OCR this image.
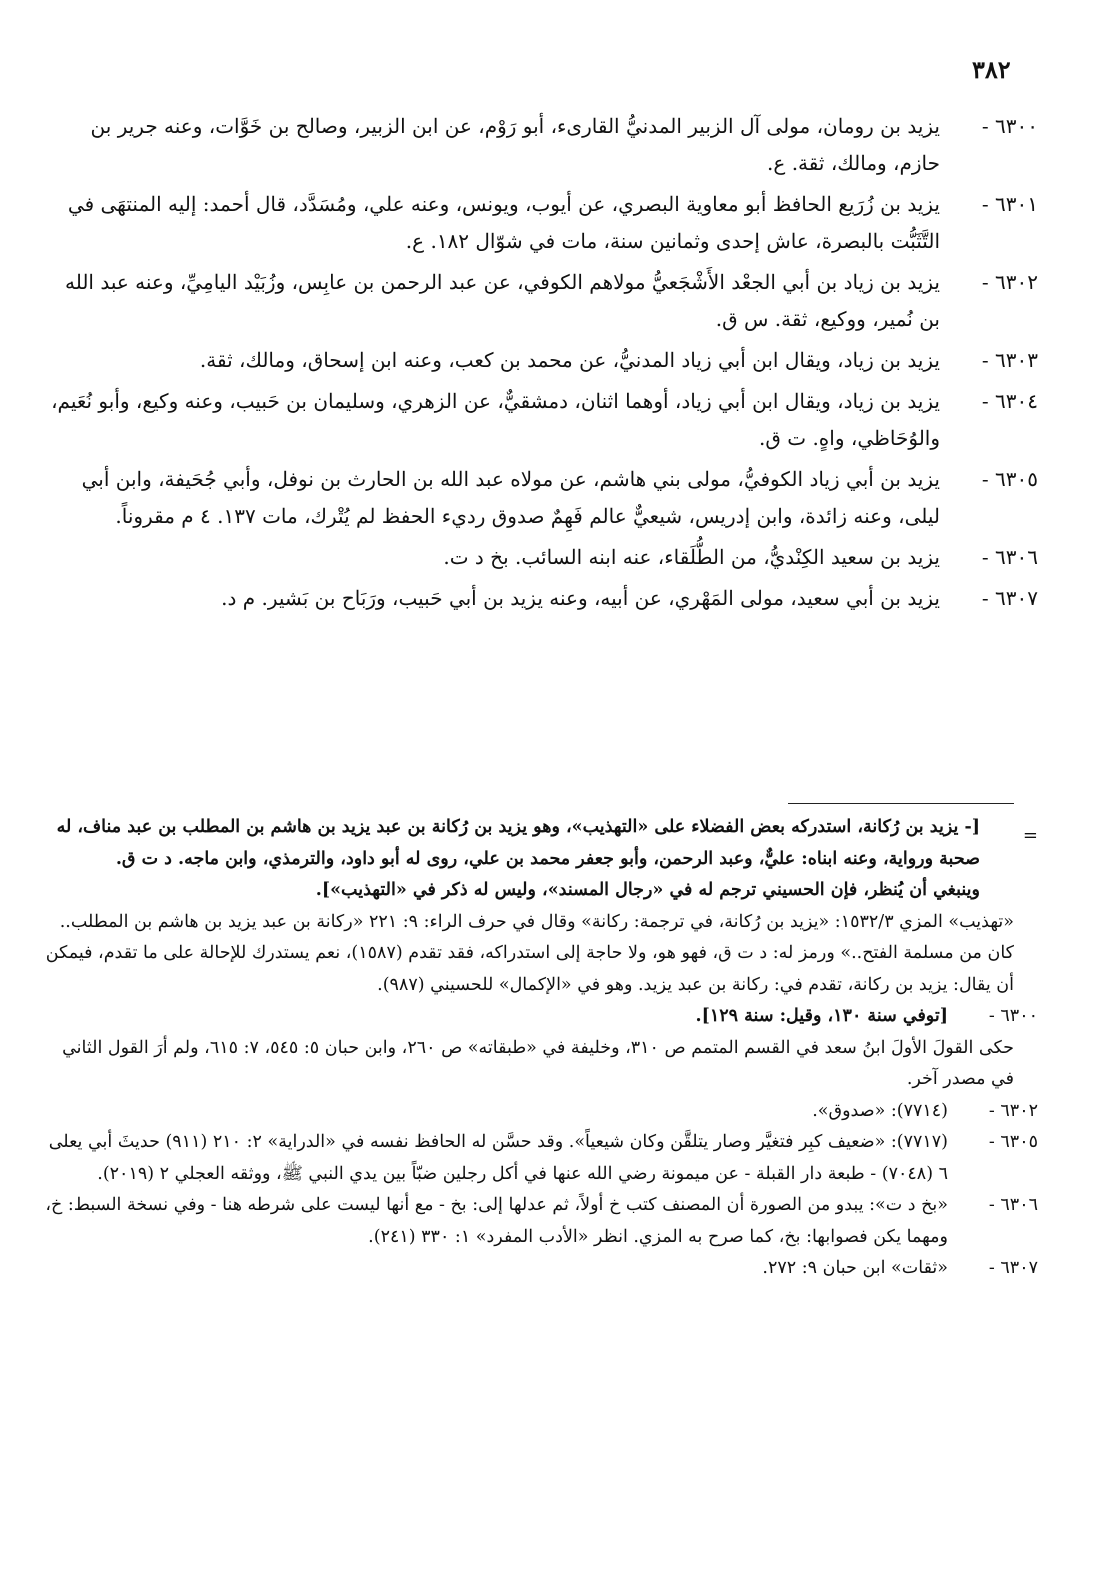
٣٨٢
٦٣٠٠ -
يزيد بن رومان، مولى آل الزبير المدنيُّ القارىء، أبو رَوْم، عن ابن الزبير، وصالح بن خَوَّات، وعنه جرير بن حازم، ومالك، ثقة. ع.
٦٣٠١ -
يزيد بن زُرَيع الحافظ أبو معاوية البصري، عن أيوب، ويونس، وعنه علي، ومُسَدَّد، قال أحمد: إليه المنتهَى في التَّثَبُّت بالبصرة، عاش إحدى وثمانين سنة، مات في شوّال ١٨٢. ع.
٦٣٠٢ -
يزيد بن زياد بن أبي الجعْد الأَشْجَعيُّ مولاهم الكوفي، عن عبد الرحمن بن عابِس، وزُبَيْد اليامِيِّ، وعنه عبد الله بن نُمير، ووكيع، ثقة. س ق.
٦٣٠٣ -
يزيد بن زياد، ويقال ابن أبي زياد المدنيُّ، عن محمد بن كعب، وعنه ابن إسحاق، ومالك، ثقة.
٦٣٠٤ -
يزيد بن زياد، ويقال ابن أبي زياد، أوهما اثنان، دمشقيٌّ، عن الزهري، وسليمان بن حَبيب، وعنه وكيع، وأبو نُعَيم، والوُحَاظي، واهٍ. ت ق.
٦٣٠٥ -
يزيد بن أبي زياد الكوفيُّ، مولى بني هاشم، عن مولاه عبد الله بن الحارث بن نوفل، وأبي جُحَيفة، وابن أبي ليلى، وعنه زائدة، وابن إدريس، شيعيٌّ عالم فَهِمٌ صدوق رديء الحفظ لم يُتْرك، مات ١٣٧. ٤ م مقروناً.
٦٣٠٦ -
يزيد بن سعيد الكِنْديُّ، من الطُّلَقاء، عنه ابنه السائب. بخ د ت.
٦٣٠٧ -
يزيد بن أبي سعيد، مولى المَهْري، عن أبيه، وعنه يزيد بن أبي حَبيب، ورَبَاح بن بَشير. م د.
=

[- يزيد بن رُكانة، استدركه بعض الفضلاء على «التهذيب»، وهو يزيد بن رُكانة بن عبد يزيد بن هاشم بن المطلب بن عبد مناف، له صحبة ورواية، وعنه ابناه: عليٌّ، وعبد الرحمن، وأبو جعفر محمد بن علي، روى له أبو داود، والترمذي، وابن ماجه. د ت ق.

وينبغي أن يُنظر، فإن الحسيني ترجم له في «رجال المسند»، وليس له ذكر في «التهذيب»].

«تهذيب» المزي ١٥٣٢/٣: «يزيد بن رُكانة، في ترجمة: ركانة» وقال في حرف الراء: ٩: ٢٢١ «ركانة بن عبد يزيد بن هاشم بن المطلب.. كان من مسلمة الفتح..» ورمز له: د ت ق، فهو هو، ولا حاجة إلى استدراكه، فقد تقدم (١٥٨٧)، نعم يستدرك للإحالة على ما تقدم، فيمكن أن يقال: يزيد بن ركانة، تقدم في: ركانة بن عبد يزيد. وهو في «الإكمال» للحسيني (٩٨٧).

٦٣٠٠ -

[توفي سنة ١٣٠، وقيل: سنة ١٢٩].

حكى القولَ الأولَ ابنُ سعد في القسم المتمم ص ٣١٠، وخليفة في «طبقاته» ص ٢٦٠، وابن حبان ٥: ٥٤٥، ٧: ٦١٥، ولم أرَ القول الثاني في مصدر آخر.

٦٣٠٢ -

(٧٧١٤): «صدوق».

٦٣٠٥ -

(٧٧١٧): «ضعيف كبِر فتغيَّر وصار يتلقَّن وكان شيعياً». وقد حسَّن له الحافظ نفسه في «الدراية» ٢: ٢١٠ (٩١١) حديثَ أبي يعلى ٦ (٧٠٤٨) - طبعة دار القبلة - عن ميمونة رضي الله عنها في أكل رجلين ضبّاً بين يدي النبي ﷺ، ووثقه العجلي ٢ (٢٠١٩).

٦٣٠٦ -

«بخ د ت»: يبدو من الصورة أن المصنف كتب خ أولاً، ثم عدلها إلى: بخ - مع أنها ليست على شرطه هنا - وفي نسخة السبط: خ، ومهما يكن فصوابها: بخ، كما صرح به المزي. انظر «الأدب المفرد» ١: ٣٣٠ (٢٤١).

٦٣٠٧ -

«ثقات» ابن حبان ٩: ٢٧٢.
